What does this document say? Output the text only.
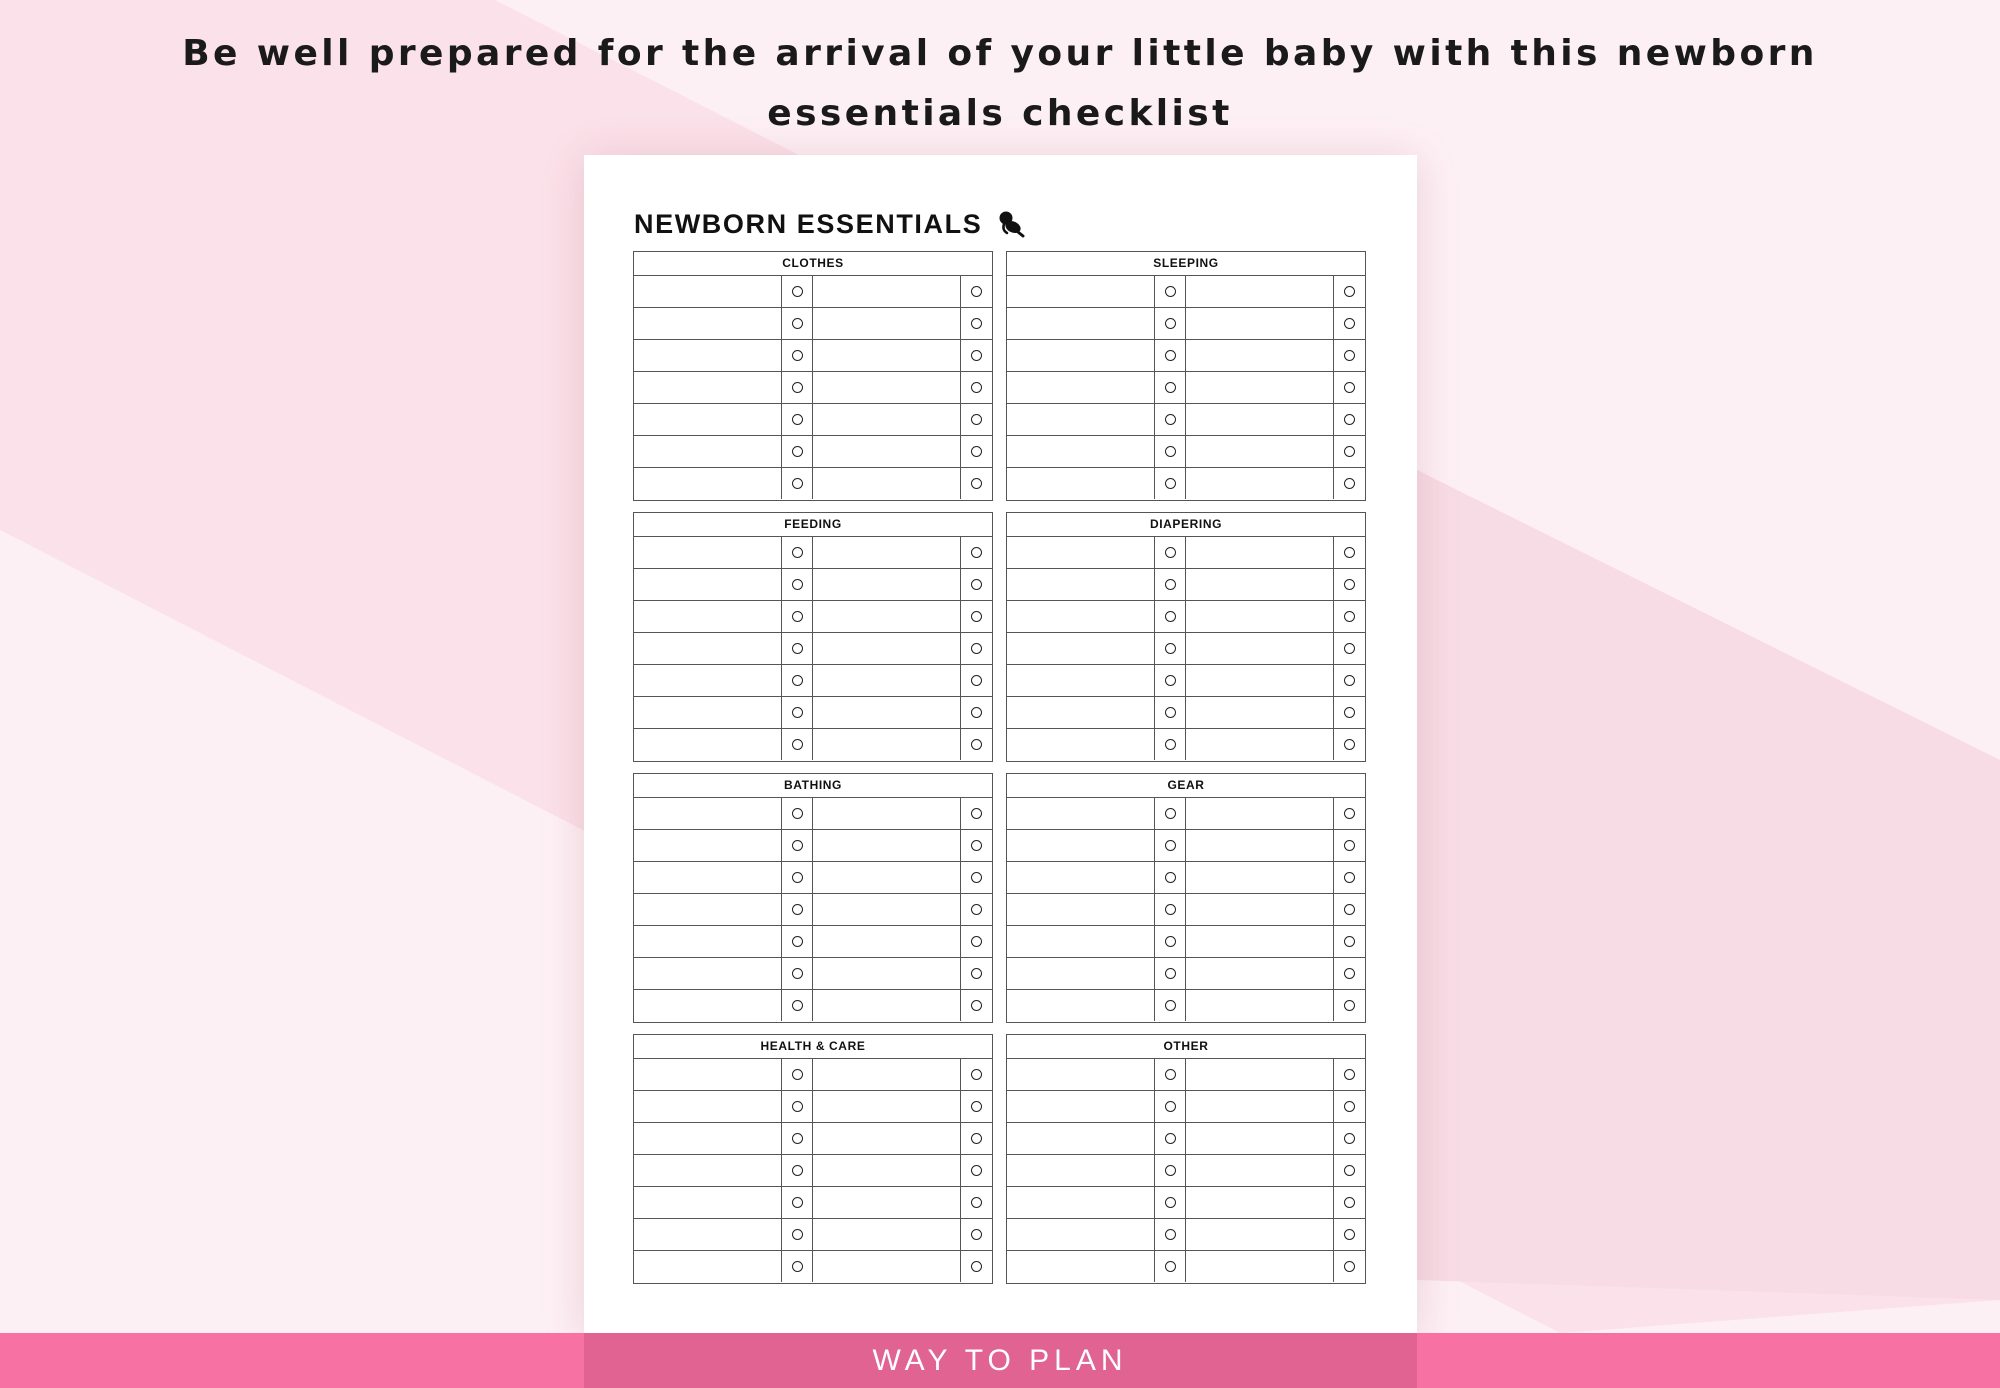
Be well prepared for the arrival of your little baby with this newborn essentials checklist
NEWBORN ESSENTIALS
CLOTHES	SLEEPING
FEEDING	DIAPERING
BATHING	GEAR
HEALTH & CARE	OTHER
WAY TO PLAN
